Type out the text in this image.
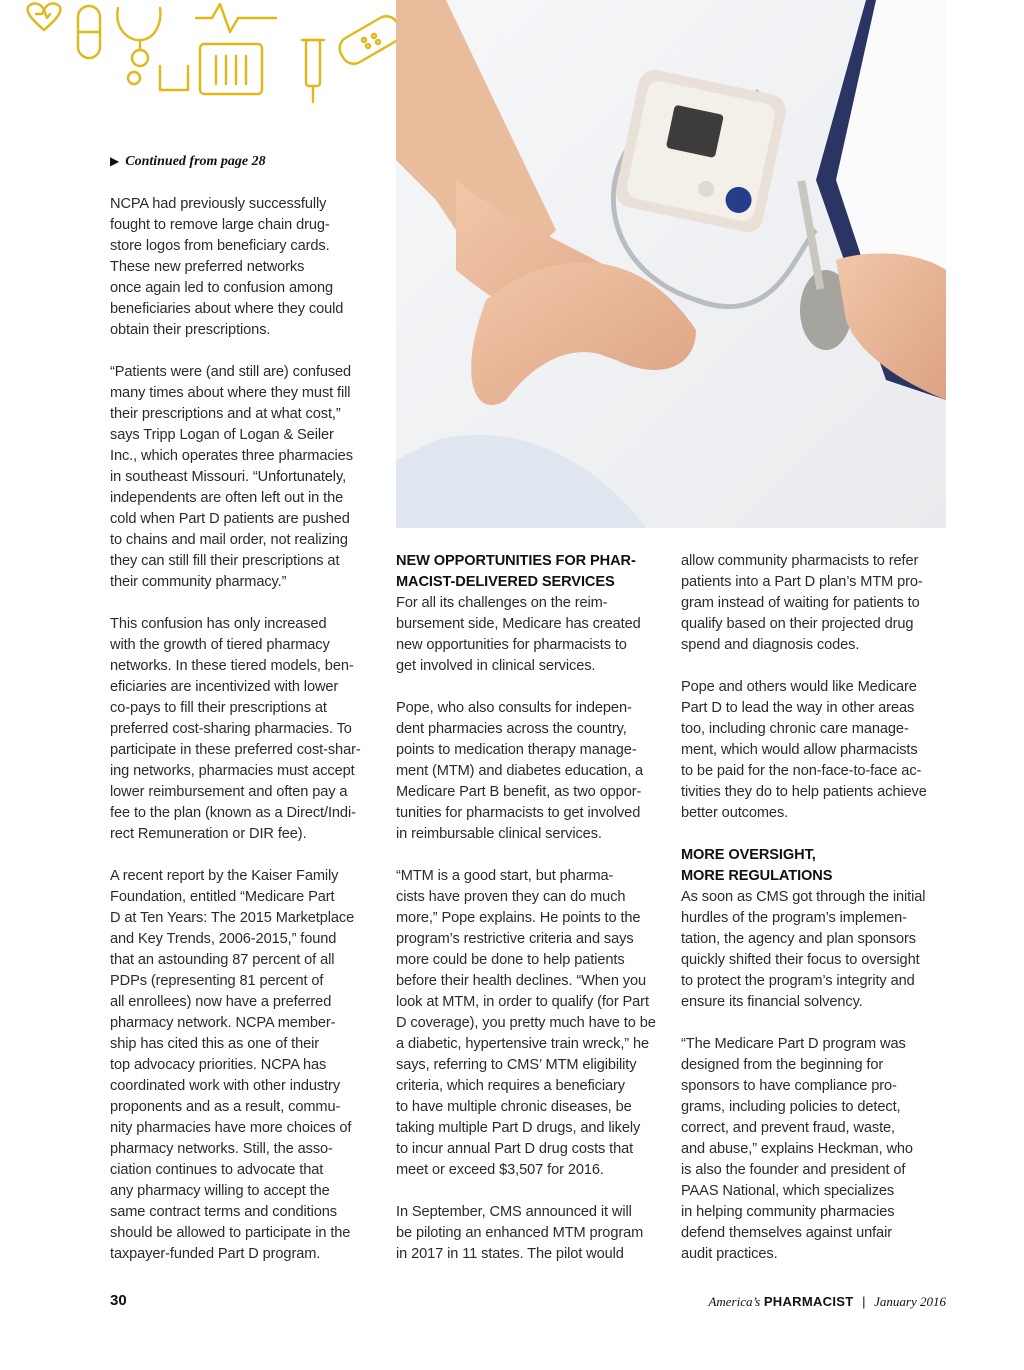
▶ Continued from page 28

NCPA had previously successfully
fought to remove large chain drug-
store logos from beneficiary cards.
These new preferred networks
once again led to confusion among
beneficiaries about where they could
obtain their prescriptions.

“Patients were (and still are) confused
many times about where they must fill
their prescriptions and at what cost,”
says Tripp Logan of Logan & Seiler
Inc., which operates three pharmacies
in southeast Missouri. “Unfortunately,
independents are often left out in the
cold when Part D patients are pushed
to chains and mail order, not realizing
they can still fill their prescriptions at
their community pharmacy.”

This confusion has only increased
with the growth of tiered pharmacy
networks. In these tiered models, ben-
eficiaries are incentivized with lower
co-pays to fill their prescriptions at
preferred cost-sharing pharmacies. To
participate in these preferred cost-shar-
ing networks, pharmacies must accept
lower reimbursement and often pay a
fee to the plan (known as a Direct/Indi-
rect Remuneration or DIR fee).

A recent report by the Kaiser Family
Foundation, entitled “Medicare Part
D at Ten Years: The 2015 Marketplace
and Key Trends, 2006-2015,” found
that an astounding 87 percent of all
PDPs (representing 81 percent of
all enrollees) now have a preferred
pharmacy network. NCPA member-
ship has cited this as one of their
top advocacy priorities. NCPA has
coordinated work with other industry
proponents and as a result, commu-
nity pharmacies have more choices of
pharmacy networks. Still, the asso-
ciation continues to advocate that
any pharmacy willing to accept the
same contract terms and conditions
should be allowed to participate in the
taxpayer-funded Part D program.

NEW OPPORTUNITIES FOR PHAR-
MACIST-DELIVERED SERVICES

For all its challenges on the reim-
bursement side, Medicare has created
new opportunities for pharmacists to
get involved in clinical services.

Pope, who also consults for indepen-
dent pharmacies across the country,
points to medication therapy manage-
ment (MTM) and diabetes education, a
Medicare Part B benefit, as two oppor-
tunities for pharmacists to get involved
in reimbursable clinical services.

“MTM is a good start, but pharma-
cists have proven they can do much
more,” Pope explains. He points to the
program’s restrictive criteria and says
more could be done to help patients
before their health declines. “When you
look at MTM, in order to qualify (for Part
D coverage), you pretty much have to be
a diabetic, hypertensive train wreck,” he
says, referring to CMS’ MTM eligibility
criteria, which requires a beneficiary
to have multiple chronic diseases, be
taking multiple Part D drugs, and likely
to incur annual Part D drug costs that
meet or exceed $3,507 for 2016.

In September, CMS announced it will
be piloting an enhanced MTM program
in 2017 in 11 states. The pilot would

allow community pharmacists to refer
patients into a Part D plan’s MTM pro-
gram instead of waiting for patients to
qualify based on their projected drug
spend and diagnosis codes.

Pope and others would like Medicare
Part D to lead the way in other areas
too, including chronic care manage-
ment, which would allow pharmacists
to be paid for the non-face-to-face ac-
tivities they do to help patients achieve
better outcomes.

MORE OVERSIGHT,
MORE REGULATIONS

As soon as CMS got through the initial
hurdles of the program’s implemen-
tation, the agency and plan sponsors
quickly shifted their focus to oversight
to protect the program’s integrity and
ensure its financial solvency.

“The Medicare Part D program was
designed from the beginning for
sponsors to have compliance pro-
grams, including policies to detect,
correct, and prevent fraud, waste,
and abuse,” explains Heckman, who
is also the founder and president of
PAAS National, which specializes
in helping community pharmacies
defend themselves against unfair
audit practices.

30	America’s PHARMACIST | January 2016
